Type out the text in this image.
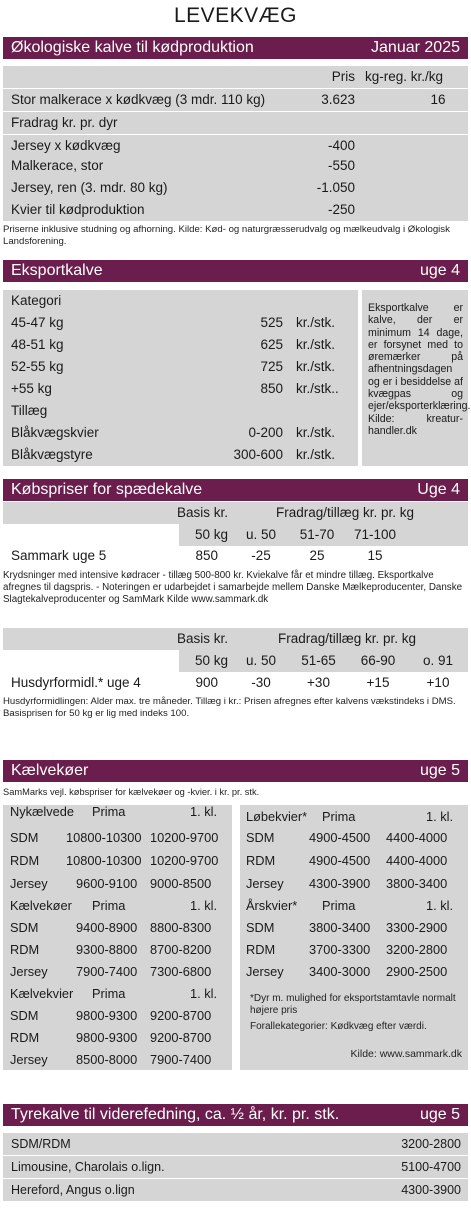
LEVEKVÆG
Økologiske kalve til kødproduktion	Januar 2025
Pris kg-reg. kr./kg
Stor malkerace x kødkvæg (3 mdr. 110 kg)	3.623	16
Fradrag kr. pr. dyr
Jersey x kødkvæg	-400
Malkerace, stor	-550
Jersey, ren (3. mdr. 80 kg)	-1.050
Kvier til kødproduktion	-250
Priserne inklusive studning og afhorning. Kilde: Kød- og naturgræsserudvalg og mælkeudvalg i Økologisk Landsforening.
Eksportkalve	uge 4
Kategori
45-47 kg	525 kr./stk.
48-51 kg	625 kr./stk.
52-55 kg	725 kr./stk.
+55 kg	850 kr./stk..
Tillæg
Blåkvægskvier	0-200 kr./stk.
Blåkvægstyre	300-600 kr./stk.
Eksportkalve er kalve, der er minimum 14 dage, er forsynet med to øremærker på afhentningsdagen og er i besiddelse af kvægpas og ejer/eksporterklæring. Kilde: kreatur-handler.dk
Købspriser for spædekalve	Uge 4
Basis kr.	Fradrag/tillæg kr. pr. kg
50 kg	u. 50	51-70	71-100
Sammark uge 5	850	-25	25	15
Krydsninger med intensive kødracer - tillæg 500-800 kr. Kviekalve får et mindre tillæg. Eksportkalve afregnes til dagspris. - Noteringen er udarbejdet i samarbejde mellem Danske Mælkeproducenter, Danske Slagtekalveproducenter og SamMark Kilde www.sammark.dk
Basis kr.	Fradrag/tillæg kr. pr. kg
50 kg	u. 50	51-65	66-90	o. 91
Husdyrformidl.* uge 4	900	-30	+30	+15	+10
Husdyrformidlingen: Alder max. tre måneder. Tillæg i kr.: Prisen afregnes efter kalvens vækstindeks i DMS. Basisprisen for 50 kg er lig med indeks 100.
Kælvekøer	uge 5
SamMarks vejl. købspriser for kælvekøer og -kvier. i kr. pr. stk.
Nykælvede Prima	1. kl.
SDM 10800-10300 10200-9700
RDM 10800-10300 10200-9700
Jersey 9600-9100 9000-8500
Kælvekøer Prima	1. kl.
SDM	9400-8900 8800-8300
RDM	9300-8800 8700-8200
Jersey 7900-7400 7300-6800
Kælvekvier Prima	1. kl.
SDM	9800-9300 9200-8700
RDM	9800-9300 9200-8700
Jersey 8500-8000 7900-7400
Løbekvier* Prima	1. kl.
SDM	4900-4500 4400-4000
RDM	4900-4500 4400-4000
Jersey 4300-3900 3800-3400
Årskvier* Prima	1. kl.
SDM	3800-3400 3300-2900
RDM	3700-3300 3200-2800
Jersey 3400-3000 2900-2500
*Dyr m. mulighed for eksportstamtavle normalt højere pris
Forallekategorier: Kødkvæg efter værdi.
Kilde: www.sammark.dk
Tyrekalve til viderefedning, ca. ½ år, kr. pr. stk.	uge 5
SDM/RDM	3200-2800
Limousine, Charolais o.lign.	5100-4700
Hereford, Angus o.lign	4300-3900
